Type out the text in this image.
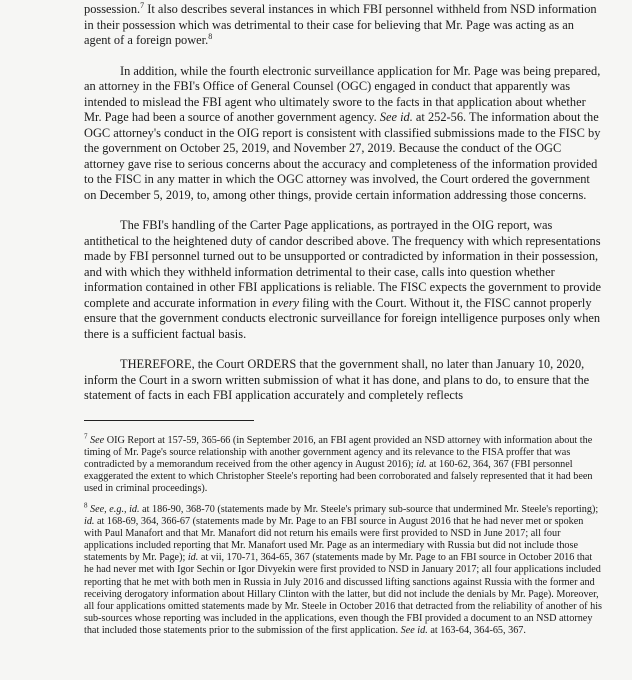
possession.$^7$ It also describes several instances in which FBI personnel withheld from NSD information in their possession which was detrimental to their case for believing that Mr. Page was acting as an agent of a foreign power.$^8$

In addition, while the fourth electronic surveillance application for Mr. Page was being prepared, an attorney in the FBI's Office of General Counsel (OGC) engaged in conduct that apparently was intended to mislead the FBI agent who ultimately swore to the facts in that application about whether Mr. Page had been a source of another government agency. See id. at 252-56. The information about the OGC attorney's conduct in the OIG report is consistent with classified submissions made to the FISC by the government on October 25, 2019, and November 27, 2019. Because the conduct of the OGC attorney gave rise to serious concerns about the accuracy and completeness of the information provided to the FISC in any matter in which the OGC attorney was involved, the Court ordered the government on December 5, 2019, to, among other things, provide certain information addressing those concerns.

The FBI's handling of the Carter Page applications, as portrayed in the OIG report, was antithetical to the heightened duty of candor described above. The frequency with which representations made by FBI personnel turned out to be unsupported or contradicted by information in their possession, and with which they withheld information detrimental to their case, calls into question whether information contained in other FBI applications is reliable. The FISC expects the government to provide complete and accurate information in every filing with the Court. Without it, the FISC cannot properly ensure that the government conducts electronic surveillance for foreign intelligence purposes only when there is a sufficient factual basis.

THEREFORE, the Court ORDERS that the government shall, no later than January 10, 2020, inform the Court in a sworn written submission of what it has done, and plans to do, to ensure that the statement of facts in each FBI application accurately and completely reflects

$^7$ See OIG Report at 157-59, 365-66 (in September 2016, an FBI agent provided an NSD attorney with information about the timing of Mr. Page's source relationship with another government agency and its relevance to the FISA proffer that was contradicted by a memorandum received from the other agency in August 2016); id. at 160-62, 364, 367 (FBI personnel exaggerated the extent to which Christopher Steele's reporting had been corroborated and falsely represented that it had been used in criminal proceedings).

$^8$ See, e.g., id. at 186-90, 368-70 (statements made by Mr. Steele's primary sub-source that undermined Mr. Steele's reporting); id. at 168-69, 364, 366-67 (statements made by Mr. Page to an FBI source in August 2016 that he had never met or spoken with Paul Manafort and that Mr. Manafort did not return his emails were first provided to NSD in June 2017; all four applications included reporting that Mr. Manafort used Mr. Page as an intermediary with Russia but did not include those statements by Mr. Page); id. at vii, 170-71, 364-65, 367 (statements made by Mr. Page to an FBI source in October 2016 that he had never met with Igor Sechin or Igor Divyekin were first provided to NSD in January 2017; all four applications included reporting that he met with both men in Russia in July 2016 and discussed lifting sanctions against Russia with the former and receiving derogatory information about Hillary Clinton with the latter, but did not include the denials by Mr. Page). Moreover, all four applications omitted statements made by Mr. Steele in October 2016 that detracted from the reliability of another of his sub-sources whose reporting was included in the applications, even though the FBI provided a document to an NSD attorney that included those statements prior to the submission of the first application. See id. at 163-64, 364-65, 367.
